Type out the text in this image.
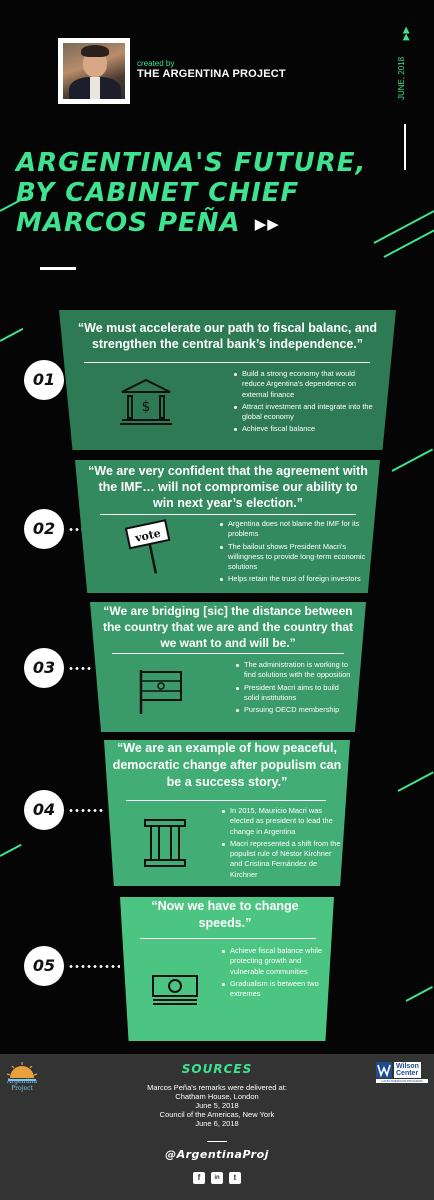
created by
THE ARGENTINA PROJECT
▶▶
JUNE, 2018
ARGENTINA'S FUTURE,
BY CABINET CHIEF
MARCOS PEÑA ▶▶
“We must accelerate our path to fiscal balanc, and strengthen the central bank’s independence.”
$
Build a strong economy that would reduce Argentina's dependence on external finance
Attract investment and integrate into the global economy
Achieve fiscal balance
01
“We are very confident that the agreement with the IMF… will not compromise our ability to win next year’s election.”
vote
Argentina does not blame the IMF for its problems
The bailout shows President Macri's willingness to provide long-term economic solutions
Helps retain the trust of foreign investors
02
“We are bridging [sic] the distance between the country that we are and the country that we want to and will be.”
The administration is working to find solutions with the opposition
President Macri aims to build solid institutions
Pursuing OECD membership
03
“We are an example of how peaceful, democratic change after populism can be a success story.”
In 2015, Mauricio Macri was elected as president to lead the change in Argentina
Macri represented a shift from the populist rule of Néstor Kirchner and Cristina Fernández de Kirchner
04
“Now we have to change speeds.”
Achieve fiscal balance while protecting growth and vulnerable communities
Gradualism is between two extremes
05
Argentina
Project
Wilson
Center
LATIN AMERICAN PROGRAM
SOURCES
Marcos Peña's remarks were delivered at:
Chatham House, London
June 5, 2018
Council of the Americas, New York
June 6, 2018
@ArgentinaProj
f	in	t
